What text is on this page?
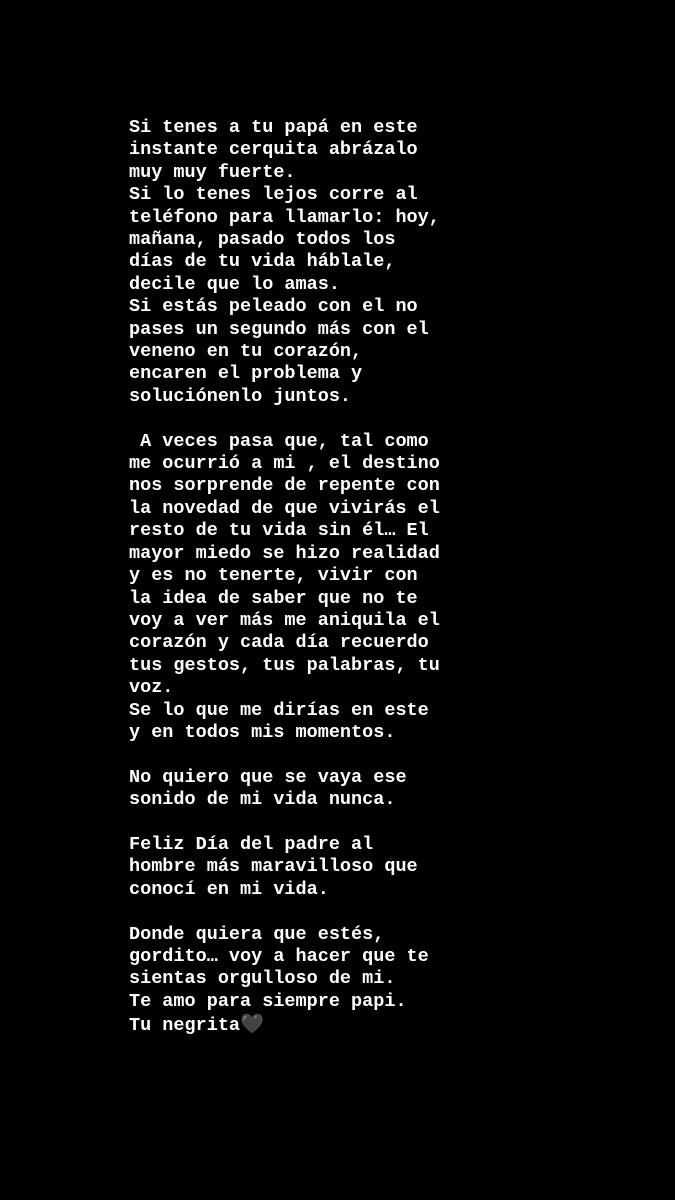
Si tenes a tu papá en este
instante cerquita abrázalo
muy muy fuerte.
Si lo tenes lejos corre al
teléfono para llamarlo: hoy,
mañana, pasado todos los
días de tu vida háblale,
decile que lo amas.
Si estás peleado con el no
pases un segundo más con el
veneno en tu corazón,
encaren el problema y
soluciónenlo juntos.
A veces pasa que, tal como
me ocurrió a mi , el destino
nos sorprende de repente con
la novedad de que vivirás el
resto de tu vida sin él… El
mayor miedo se hizo realidad
y es no tenerte, vivir con
la idea de saber que no te
voy a ver más me aniquila el
corazón y cada día recuerdo
tus gestos, tus palabras, tu
voz.
Se lo que me dirías en este
y en todos mis momentos.
No quiero que se vaya ese
sonido de mi vida nunca.
Feliz Día del padre al
hombre más maravilloso que
conocí en mi vida.
Donde quiera que estés,
gordito… voy a hacer que te
sientas orgulloso de mi.
Te amo para siempre papi.
Tu negrita🖤
